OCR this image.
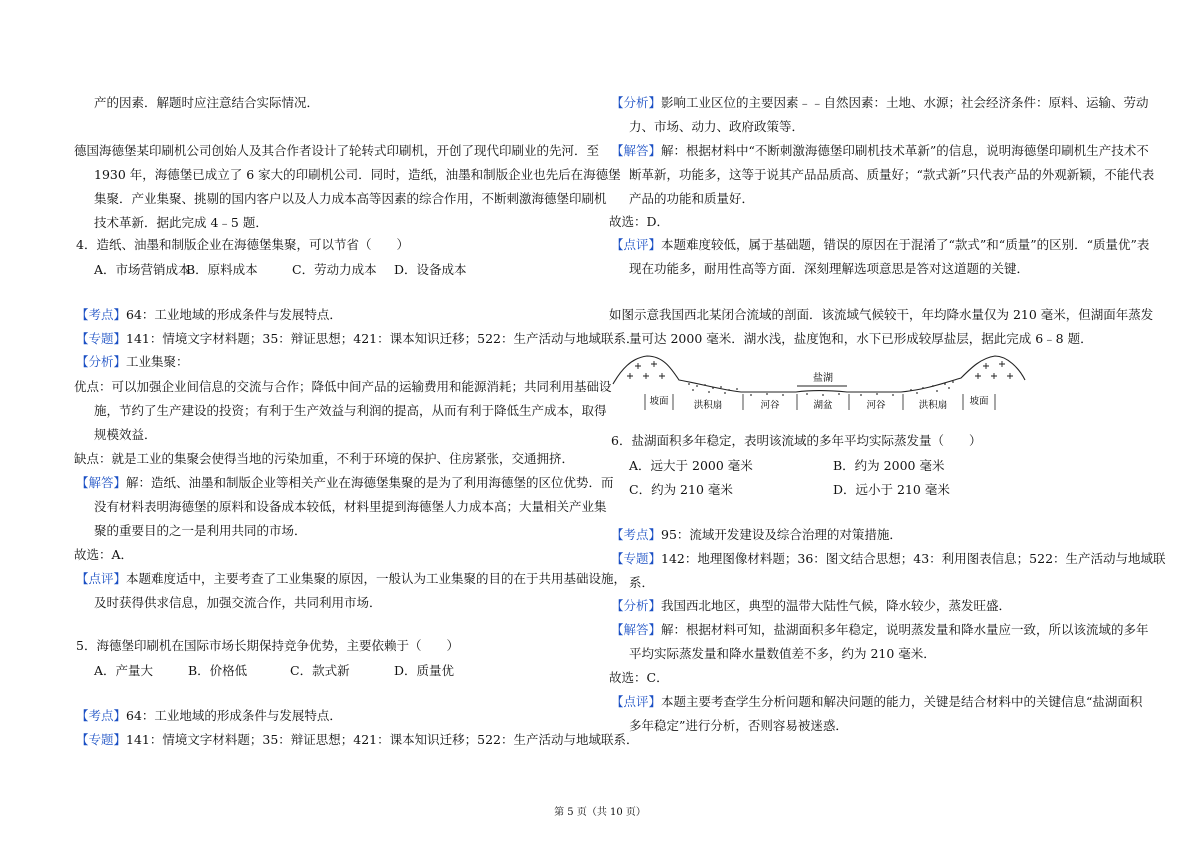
产的因素．解题时应注意结合实际情况．
德国海德堡某印刷机公司创始人及其合作者设计了轮转式印刷机，开创了现代印刷业的先河．至
1930 年，海德堡已成立了 6 家大的印刷机公司．同时，造纸，油墨和制版企业也先后在海德堡
集聚．产业集聚、挑剔的国内客户以及人力成本高等因素的综合作用，不断刺激海德堡印刷机
技术革新．据此完成 4﹣5 题．
4．造纸、油墨和制版企业在海德堡集聚，可以节省（　　）
A．市场营销成本
B．原料成本	C．劳动力成本 D．设备成本
【考点】64：工业地域的形成条件与发展特点．
【专题】141：情境文字材料题；35：辩证思想；421：课本知识迁移；522：生产活动与地域联系．
【分析】工业集聚：
优点：可以加强企业间信息的交流与合作；降低中间产品的运输费用和能源消耗；共同利用基础设
施，节约了生产建设的投资；有利于生产效益与利润的提高，从而有利于降低生产成本，取得
规模效益．
缺点：就是工业的集聚会使得当地的污染加重，不利于环境的保护、住房紧张，交通拥挤．
【解答】解：造纸、油墨和制版企业等相关产业在海德堡集聚的是为了利用海德堡的区位优势．而
没有材料表明海德堡的原料和设备成本较低，材料里提到海德堡人力成本高；大量相关产业集
聚的重要目的之一是利用共同的市场．
故选：A．
【点评】本题难度适中，主要考查了工业集聚的原因，一般认为工业集聚的目的在于共用基础设施，
及时获得供求信息，加强交流合作，共同利用市场．
5．海德堡印刷机在国际市场长期保持竞争优势，主要依赖于（　　）
A．产量大	B．价格低	C．款式新	D．质量优
【考点】64：工业地域的形成条件与发展特点．
【专题】141：情境文字材料题；35：辩证思想；421：课本知识迁移；522：生产活动与地域联系．
【分析】影响工业区位的主要因素﹣﹣自然因素：土地、水源；社会经济条件：原料、运输、劳动
力、市场、动力、政府政策等．
【解答】解：根据材料中“不断刺激海德堡印刷机技术革新”的信息，说明海德堡印刷机生产技术不
断革新，功能多，这等于说其产品品质高、质量好；“款式新”只代表产品的外观新颖，不能代表
产品的功能和质量好．
故选：D．
【点评】本题难度较低，属于基础题，错误的原因在于混淆了“款式”和“质量”的区别．“质量优”表
现在功能多，耐用性高等方面．深刻理解选项意思是答对这道题的关键．
如图示意我国西北某闭合流域的剖面．该流域气候较干，年均降水量仅为 210 毫米，但湖面年蒸发
量可达 2000 毫米．湖水浅，盐度饱和，水下已形成较厚盐层，据此完成 6﹣8 题．
盐湖
坡面	洪积扇	河谷	湖盆	河谷	洪积扇 坡面
6．盐湖面积多年稳定，表明该流域的多年平均实际蒸发量（　　）
A．远大于 2000 毫米	B．约为 2000 毫米
C．约为 210 毫米	D．远小于 210 毫米
【考点】95：流域开发建设及综合治理的对策措施．
【专题】142：地理图像材料题；36：图文结合思想；43：利用图表信息；522：生产活动与地域联
系．
【分析】我国西北地区，典型的温带大陆性气候，降水较少，蒸发旺盛．
【解答】解：根据材料可知，盐湖面积多年稳定，说明蒸发量和降水量应一致，所以该流域的多年
平均实际蒸发量和降水量数值差不多，约为 210 毫米．
故选：C．
【点评】本题主要考查学生分析问题和解决问题的能力，关键是结合材料中的关键信息“盐湖面积
多年稳定”进行分析，否则容易被迷惑．
第 5 页（共 10 页）
